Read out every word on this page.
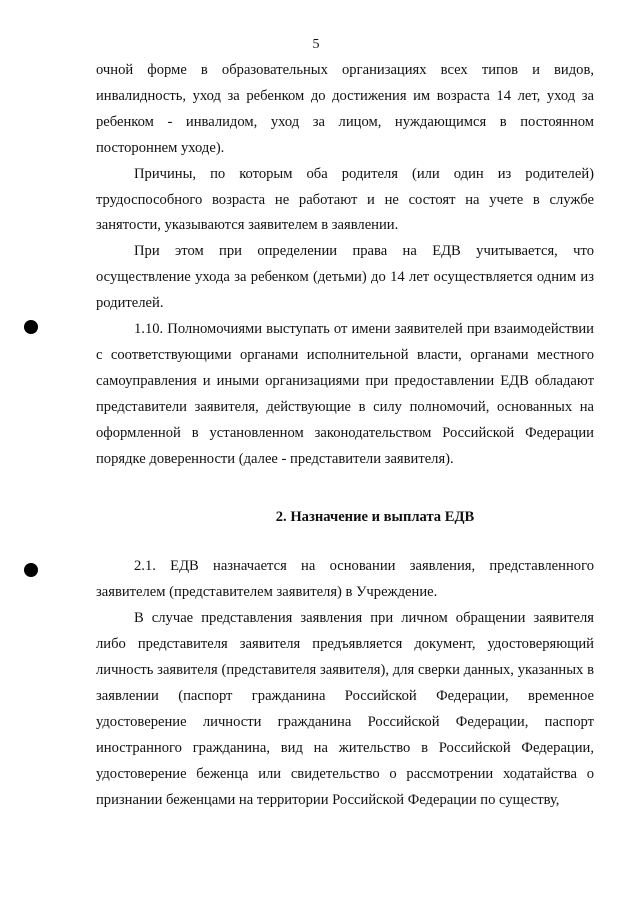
5

очной форме в образовательных организациях всех типов и видов, инвалидность, уход за ребенком до достижения им возраста 14 лет, уход за ребенком - инвалидом, уход за лицом, нуждающимся в постоянном постороннем уходе).

Причины, по которым оба родителя (или один из родителей) трудоспособного возраста не работают и не состоят на учете в службе занятости, указываются заявителем в заявлении.

При этом при определении права на ЕДВ учитывается, что осуществление ухода за ребенком (детьми) до 14 лет осуществляется одним из родителей.

1.10. Полномочиями выступать от имени заявителей при взаимодействии с соответствующими органами исполнительной власти, органами местного самоуправления и иными организациями при предоставлении ЕДВ обладают представители заявителя, действующие в силу полномочий, основанных на оформленной в установленном законодательством Российской Федерации порядке доверенности (далее - представители заявителя).

2. Назначение и выплата ЕДВ

2.1. ЕДВ назначается на основании заявления, представленного заявителем (представителем заявителя) в Учреждение.

В случае представления заявления при личном обращении заявителя либо представителя заявителя предъявляется документ, удостоверяющий личность заявителя (представителя заявителя), для сверки данных, указанных в заявлении (паспорт гражданина Российской Федерации, временное удостоверение личности гражданина Российской Федерации, паспорт иностранного гражданина, вид на жительство в Российской Федерации, удостоверение беженца или свидетельство о рассмотрении ходатайства о признании беженцами на территории Российской Федерации по существу,
